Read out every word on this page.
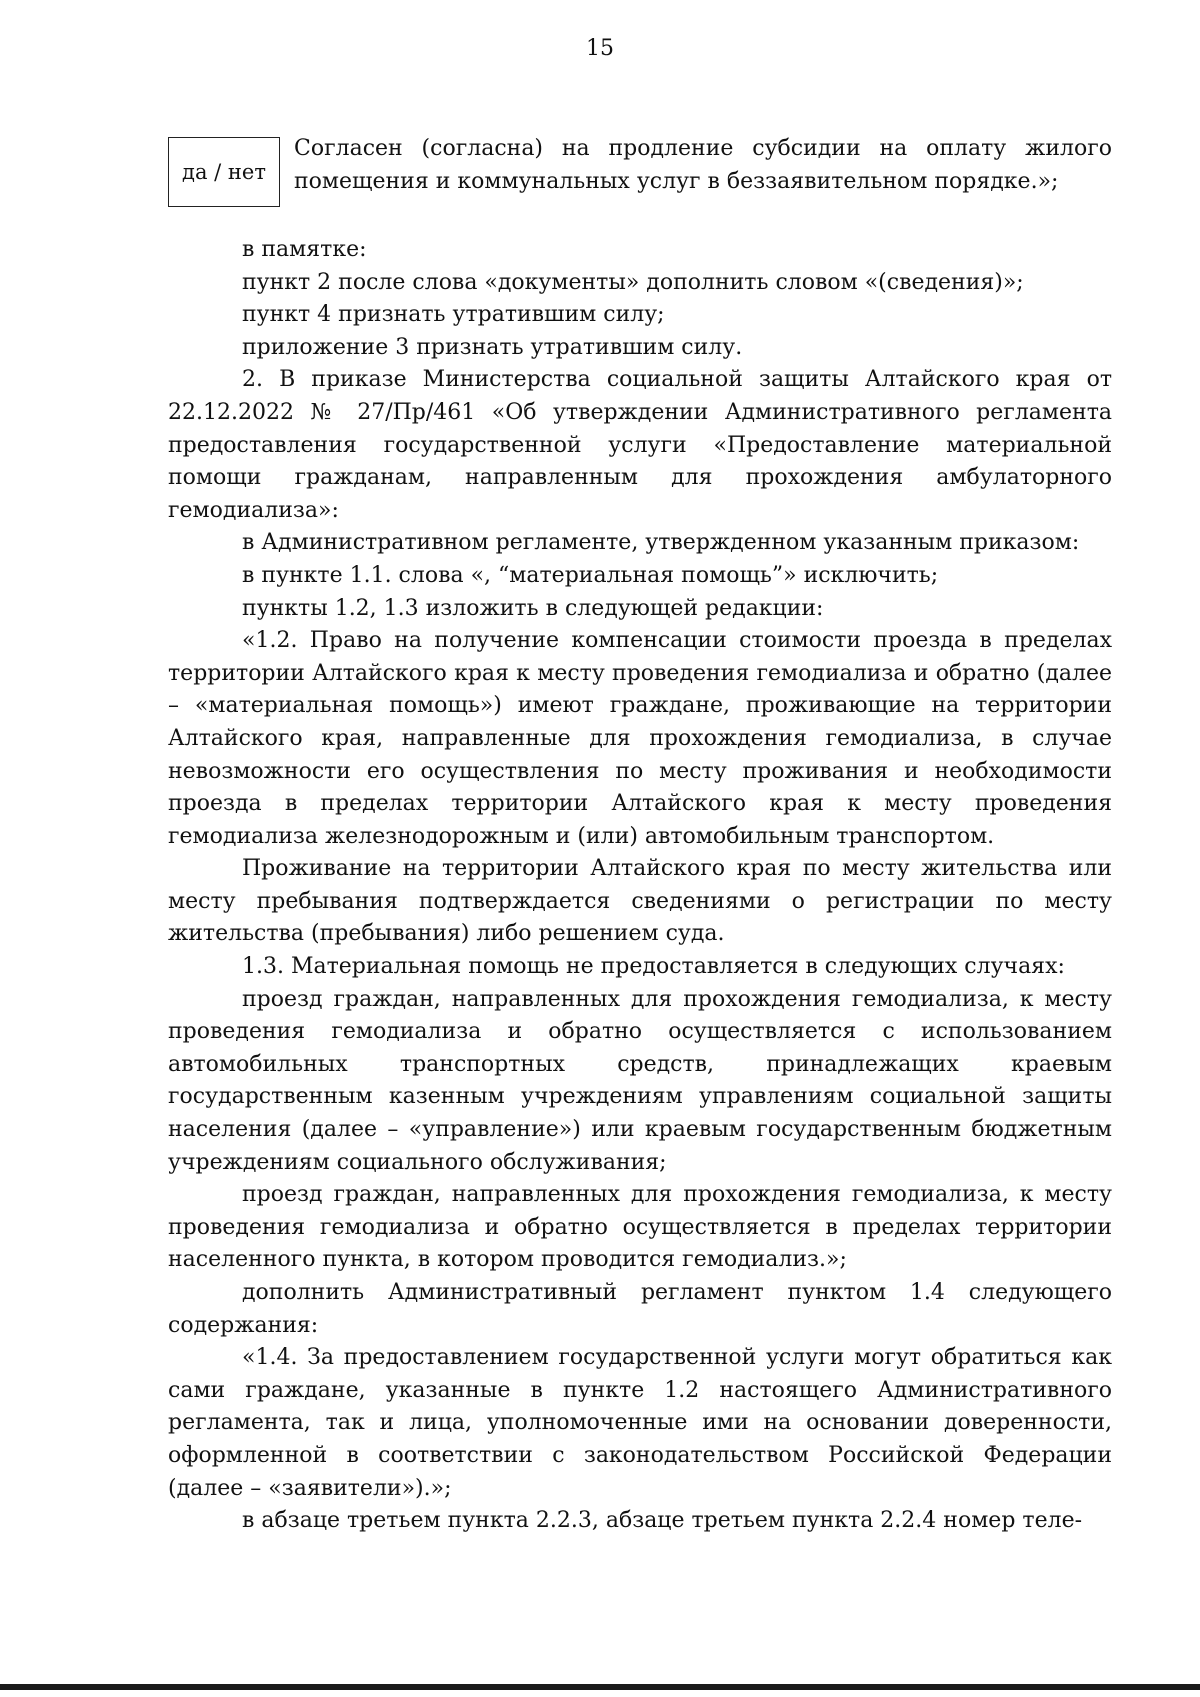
15
да / нет
Согласен (согласна) на продление субсидии на оплату жилого помещения и коммунальных услуг в беззаявительном порядке.»;

в памятке:

пункт 2 после слова «документы» дополнить словом «(сведения)»;

пункт 4 признать утратившим силу;

приложение 3 признать утратившим силу.

2. В приказе Министерства социальной защиты Алтайского края от 22.12.2022 № 27/Пр/461 «Об утверждении Административного регламента предоставления государственной услуги «Предоставление материальной помощи гражданам, направленным для прохождения амбулаторного гемодиализа»:

в Административном регламенте, утвержденном указанным приказом:

в пункте 1.1. слова «, “материальная помощь”» исключить;

пункты 1.2, 1.3 изложить в следующей редакции:

«1.2. Право на получение компенсации стоимости проезда в пределах территории Алтайского края к месту проведения гемодиализа и обратно (далее – «материальная помощь») имеют граждане, проживающие на территории Алтайского края, направленные для прохождения гемодиализа, в случае невозможности его осуществления по месту проживания и необходимости проезда в пределах территории Алтайского края к месту проведения гемодиализа железнодорожным и (или) автомобильным транспортом.

Проживание на территории Алтайского края по месту жительства или месту пребывания подтверждается сведениями о регистрации по месту жительства (пребывания) либо решением суда.

1.3. Материальная помощь не предоставляется в следующих случаях:

проезд граждан, направленных для прохождения гемодиализа, к месту проведения гемодиализа и обратно осуществляется с использованием автомобильных транспортных средств, принадлежащих краевым государственным казенным учреждениям управлениям социальной защиты населения (далее – «управление») или краевым государственным бюджетным учреждениям социального обслуживания;

проезд граждан, направленных для прохождения гемодиализа, к месту проведения гемодиализа и обратно осуществляется в пределах территории населенного пункта, в котором проводится гемодиализ.»;

дополнить Административный регламент пунктом 1.4 следующего содержания:

«1.4. За предоставлением государственной услуги могут обратиться как сами граждане, указанные в пункте 1.2 настоящего Административного регламента, так и лица, уполномоченные ими на основании доверенности, оформленной в соответствии с законодательством Российской Федерации (далее – «заявители»).»;

в абзаце третьем пункта 2.2.3, абзаце третьем пункта 2.2.4 номер теле-
